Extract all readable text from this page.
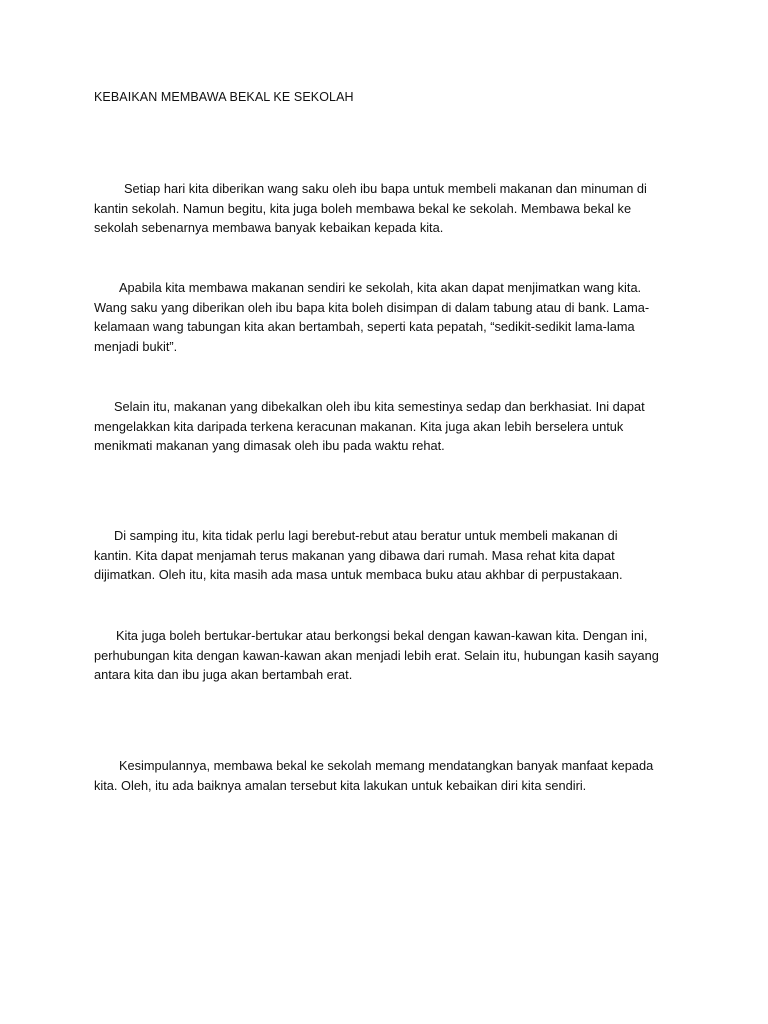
KEBAIKAN MEMBAWA BEKAL KE SEKOLAH
Setiap hari kita diberikan wang saku oleh ibu bapa untuk membeli makanan dan minuman di
kantin sekolah. Namun begitu, kita juga boleh membawa bekal ke sekolah. Membawa bekal ke
sekolah sebenarnya membawa banyak kebaikan kepada kita.
Apabila kita membawa makanan sendiri ke sekolah, kita akan dapat menjimatkan wang kita.
Wang saku yang diberikan oleh ibu bapa kita boleh disimpan di dalam tabung atau di bank. Lama-
kelamaan wang tabungan kita akan bertambah, seperti kata pepatah, “sedikit-sedikit lama-lama
menjadi bukit”.
Selain itu, makanan yang dibekalkan oleh ibu kita semestinya sedap dan berkhasiat. Ini dapat
mengelakkan kita daripada terkena keracunan makanan. Kita juga akan lebih berselera untuk
menikmati makanan yang dimasak oleh ibu pada waktu rehat.
Di samping itu, kita tidak perlu lagi berebut-rebut atau beratur untuk membeli makanan di
kantin. Kita dapat menjamah terus makanan yang dibawa dari rumah. Masa rehat kita dapat
dijimatkan. Oleh itu, kita masih ada masa untuk membaca buku atau akhbar di perpustakaan.
Kita juga boleh bertukar-bertukar atau berkongsi bekal dengan kawan-kawan kita. Dengan ini,
perhubungan kita dengan kawan-kawan akan menjadi lebih erat. Selain itu, hubungan kasih sayang
antara kita dan ibu juga akan bertambah erat.
Kesimpulannya, membawa bekal ke sekolah memang mendatangkan banyak manfaat kepada
kita. Oleh, itu ada baiknya amalan tersebut kita lakukan untuk kebaikan diri kita sendiri.
